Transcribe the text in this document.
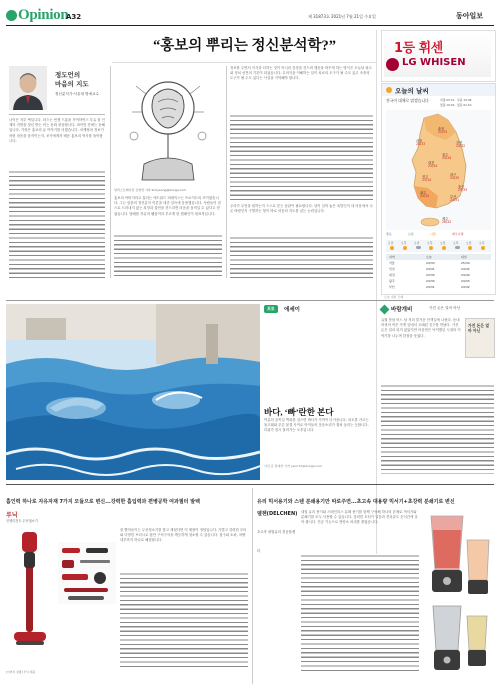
Opinion
A32	제 31873호 2021년 7월 21일 수요일	동아일보
“홍보의 뿌리는 정신분석학?”
정도언의
마음의 지도
정신분석가·서울대 명예교수
나이든 자부 댁입니다. 라스는 빈센 드롬을 거여하여스 부유 잘 인재의 저명을 첫신 받는 어는 동화 장을합니다. 파이만 잔에는 동해입니다. 가장은 홍보의 유 이야기를 마쳤습니다. 마케팅과 정보가 어떤 마음을 움직이는지, 조카에게서 배운 홍보의 역사를 돌아봅니다.
일러스트레이션 김영연 기자 kimyeong@donga.com
홍보의 아버지라고 불리는 에드워드 버네이스는 프로이트의 조카였습니다. 그는 삼촌의 정신분석 이론을 대중 설득에 응용했습니다. 사람들이 겉으로 드러내지 않는 욕망과 불안을 건드리면 마음을 움직일 수 있다고 믿었습니다. 담배를 자유의 횃불이라 부르게 한 캠페인이 대표적입니다.
정보를 주면서 지식을 더하는 것이 아니라 감정을 건드려 행동을 바꾸게 하는 방식은 오늘날 광고와 정치 선전의 기본이 되었습니다. 무의식을 이해하는 일이 치료의 도구가 될 수도 있고 조종의 도구가 될 수도 있다는 사실을 기억해야 합니다.
우리가 무엇을 원하는지 스스로 묻는 습관이 필요합니다. 남이 심어 놓은 욕망인지 내 마음에서 나온 바람인지 구별하는 힘이 바로 마음의 지도를 읽는 능력입니다.
1등 휘센
LG WHISEN
오늘의 날씨
전국이 대체로 맑겠습니다	일출 05:31 · 일몰 19:48
월출 16:02 · 월몰 01:10
서울
24/33
춘천
22/33
강릉
24/32
대전
23/34
청주
24/34
대구
24/35
전주
23/34
광주
24/34	부산
24/31
울산
23/33
제주
26/32
좋음	보통	나쁨	매우나쁨
오전	오후	오전	오후	오전	오후	오전	오후
지역	오늘	내일
서울	24/33	25/34
인천	24/31	24/32
대전	23/34	24/34
광주	24/34	24/33
부산	24/31	24/32
오늘 내일 모레
포토	에세이
바다, ‘빠’란한 본다
여름의 골목길 벽화를 걸으면 바다가 가까이 다가옵니다. 파도를 가르는 돌고래와 푸른 물결 사이로 아이들의 웃음소리가 겹쳐 들리는 듯합니다. 더위가 잠시 물러가는 오후입니다.
사진·글 원대연 기자 yeon72@donga.com
바람개비	가진 돈은 얼마 아닌
가진 돈은 얼마 아닌
유월 봄날 어느 날 저녁 즐거운 산책길에 나섰다. 동네 어귀의 작은 가게 앞에서 오래된 친구를 만났다. 가진 돈은 얼마 되지 않았지만 마음만은 넉넉했던 시절의 이야기를 나누며 한참을 웃었다.
흡인력 하나로 자유자재 7가지 모듈으로 변신...강력한 흡입력과 편병공학 여과필터 발렉
루닉
인텔리전트 무선청소기
[이미지 설명] 루닉 제품
잘 빨아들이는 무선청소기를 찾고 계셨다면 이 제품이 정답입니다. 가볍고 강력한 모터와 다양한 브러시로 집안 구석구석을 깨끗하게 청소할 수 있습니다. 침구와 소파, 차량 내부까지 하나로 해결합니다.
유리 믹서용기와 스텐 분쇄용기만 따로주면...초고속 대용량 믹서기+초강력 분쇄기로 변신
델첸(DELCHEN)
초고속 내열유리 진공블렌더
내열 유리 용기와 스테인리스 분쇄 용기를 함께 구성해 하나의 본체로 믹서기와 분쇄기를 모두 사용할 수 있습니다. 강력한 모터가 얼음과 견과류도 순식간에 갈아 줍니다. 진공 기능으로 영양소 파괴를 줄였습니다.
